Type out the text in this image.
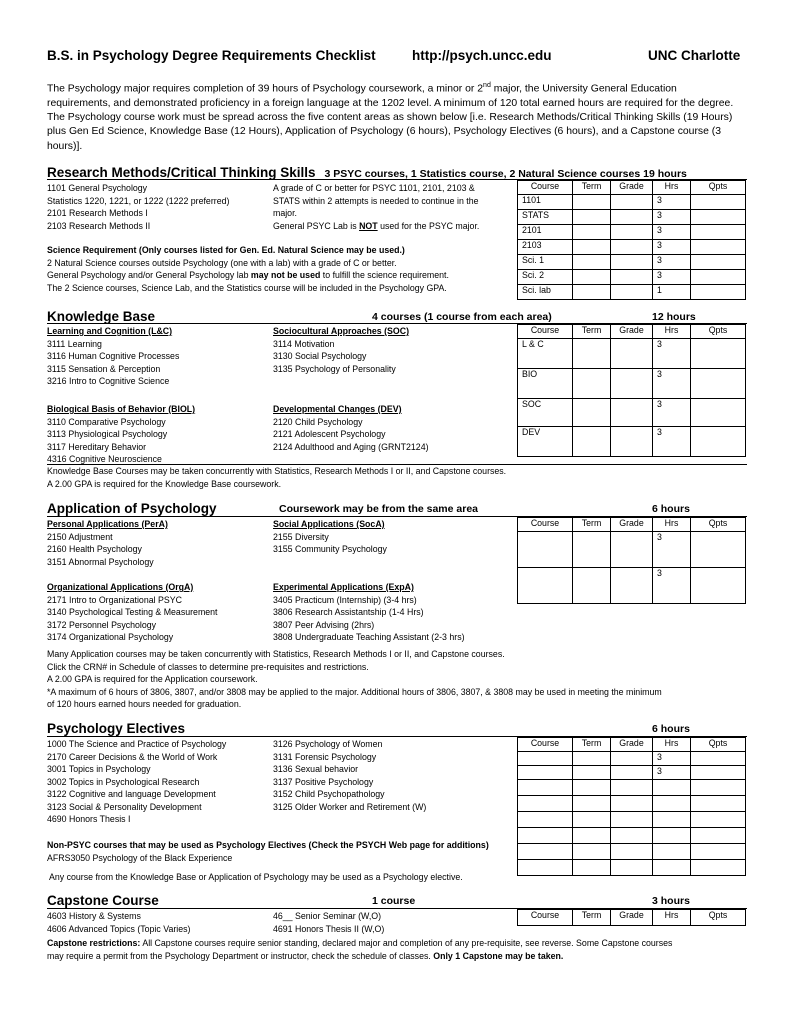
B.S. in Psychology Degree Requirements Checklist	http://psych.uncc.edu	UNC Charlotte
The Psychology major requires completion of 39 hours of Psychology coursework, a minor or 2nd major, the University General Education requirements, and demonstrated proficiency in a foreign language at the 1202 level. A minimum of 120 total earned hours are required for the degree. The Psychology course work must be spread across the five content areas as shown below [i.e. Research Methods/Critical Thinking Skills (19 Hours) plus Gen Ed Science, Knowledge Base (12 Hours), Application of Psychology (6 hours), Psychology Electives (6 hours), and a Capstone course (3 hours)].
Research Methods/Critical Thinking Skills 3 PSYC courses, 1 Statistics course, 2 Natural Science courses 19 hours
1101 General Psychology
Statistics 1220, 1221, or 1222 (1222 preferred)
2101 Research Methods I
2103 Research Methods II
A grade of C or better for PSYC 1101, 2101, 2103 &
STATS within 2 attempts is needed to continue in the
major.
General PSYC Lab is NOT used for the PSYC major.
Science Requirement (Only courses listed for Gen. Ed. Natural Science may be used.)
2 Natural Science courses outside Psychology (one with a lab) with a grade of C or better.
General Psychology and/or General Psychology lab may not be used to fulfill the science requirement.
The 2 Science courses, Science Lab, and the Statistics course will be included in the Psychology GPA.
Course	Term	Grade	Hrs	Qpts
1101			3	
STATS			3	
2101			3	
2103			3	
Sci. 1			3	
Sci. 2			3	
Sci. lab			1	
Knowledge Base	4 courses (1 course from each area)	12 hours
Learning and Cognition (L&C)
3111 Learning
3116 Human Cognitive Processes
3115 Sensation & Perception
3216 Intro to Cognitive Science
Sociocultural Approaches (SOC)
3114 Motivation
3130 Social Psychology
3135 Psychology of Personality
Biological Basis of Behavior (BIOL)
3110 Comparative Psychology
3113 Physiological Psychology
3117 Hereditary Behavior
4316 Cognitive Neuroscience
Developmental Changes (DEV)
2120 Child Psychology
2121 Adolescent Psychology
2124 Adulthood and Aging (GRNT2124)
Course	Term	Grade	Hrs	Qpts
L & C			3	
BIO			3	
SOC			3	
DEV			3	
Knowledge Base Courses may be taken concurrently with Statistics, Research Methods I or II, and Capstone courses.
A 2.00 GPA is required for the Knowledge Base coursework.
Application of Psychology	Coursework may be from the same area	6 hours
Personal Applications (PerA)
2150 Adjustment
2160 Health Psychology
3151 Abnormal Psychology
Social Applications (SocA)
2155 Diversity
3155 Community Psychology
Organizational Applications (OrgA)
2171 Intro to Organizational PSYC
3140 Psychological Testing & Measurement
3172 Personnel Psychology
3174 Organizational Psychology
Experimental Applications (ExpA)
3405 Practicum (Internship) (3-4 hrs)
3806 Research Assistantship (1-4 Hrs)
3807 Peer Advising (2hrs)
3808 Undergraduate Teaching Assistant (2-3 hrs)
Course	Term	Grade	Hrs	Qpts
			3	
			3	
Many Application courses may be taken concurrently with Statistics, Research Methods I or II, and Capstone courses.
Click the CRN# in Schedule of classes to determine pre-requisites and restrictions.
A 2.00 GPA is required for the Application coursework.
*A maximum of 6 hours of 3806, 3807, and/or 3808 may be applied to the major. Additional hours of 3806, 3807, & 3808 may be used in meeting the minimum
of 120 hours earned hours needed for graduation.
Psychology Electives	6 hours
1000 The Science and Practice of Psychology
2170 Career Decisions & the World of Work
3001 Topics in Psychology
3002 Topics in Psychological Research
3122 Cognitive and language Development
3123 Social & Personality Development
4690 Honors Thesis I
3126 Psychology of Women
3131 Forensic Psychology
3136 Sexual behavior
3137 Positive Psychology
3152 Child Psychopathology
3125 Older Worker and Retirement (W)
Non-PSYC courses that may be used as Psychology Electives (Check the PSYCH Web page for additions)
AFRS3050 Psychology of the Black Experience
Any course from the Knowledge Base or Application of Psychology may be used as a Psychology elective.
Course	Term	Grade	Hrs	Qpts
			3	
			3	

Capstone Course	1 course	3 hours
4603 History & Systems
4606 Advanced Topics (Topic Varies)
46__ Senior Seminar (W,O)
4691 Honors Thesis II (W,O)
Course	Term	Grade	Hrs	Qpts
Capstone restrictions: All Capstone courses require senior standing, declared major and completion of any pre-requisite, see reverse. Some Capstone courses
may require a permit from the Psychology Department or instructor, check the schedule of classes. Only 1 Capstone may be taken.
